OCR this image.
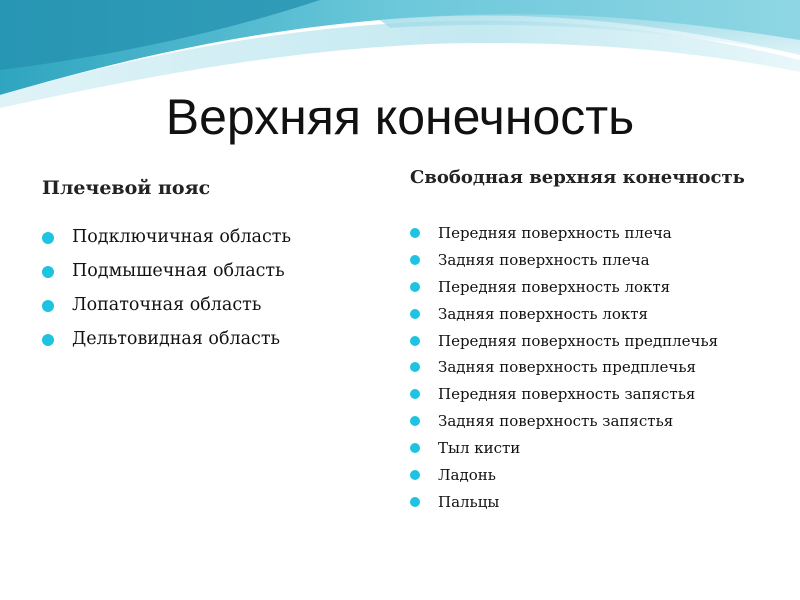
Верхняя конечность
Плечевой пояс
Подключичная область
Подмышечная область
Лопаточная область
Дельтовидная область
Свободная верхняя конечность
Передняя поверхность плеча
Задняя поверхность плеча
Передняя поверхность локтя
Задняя поверхность локтя
Передняя поверхность предплечья
Задняя поверхность предплечья
Передняя поверхность запястья
Задняя поверхность запястья
Тыл кисти
Ладонь
Пальцы
